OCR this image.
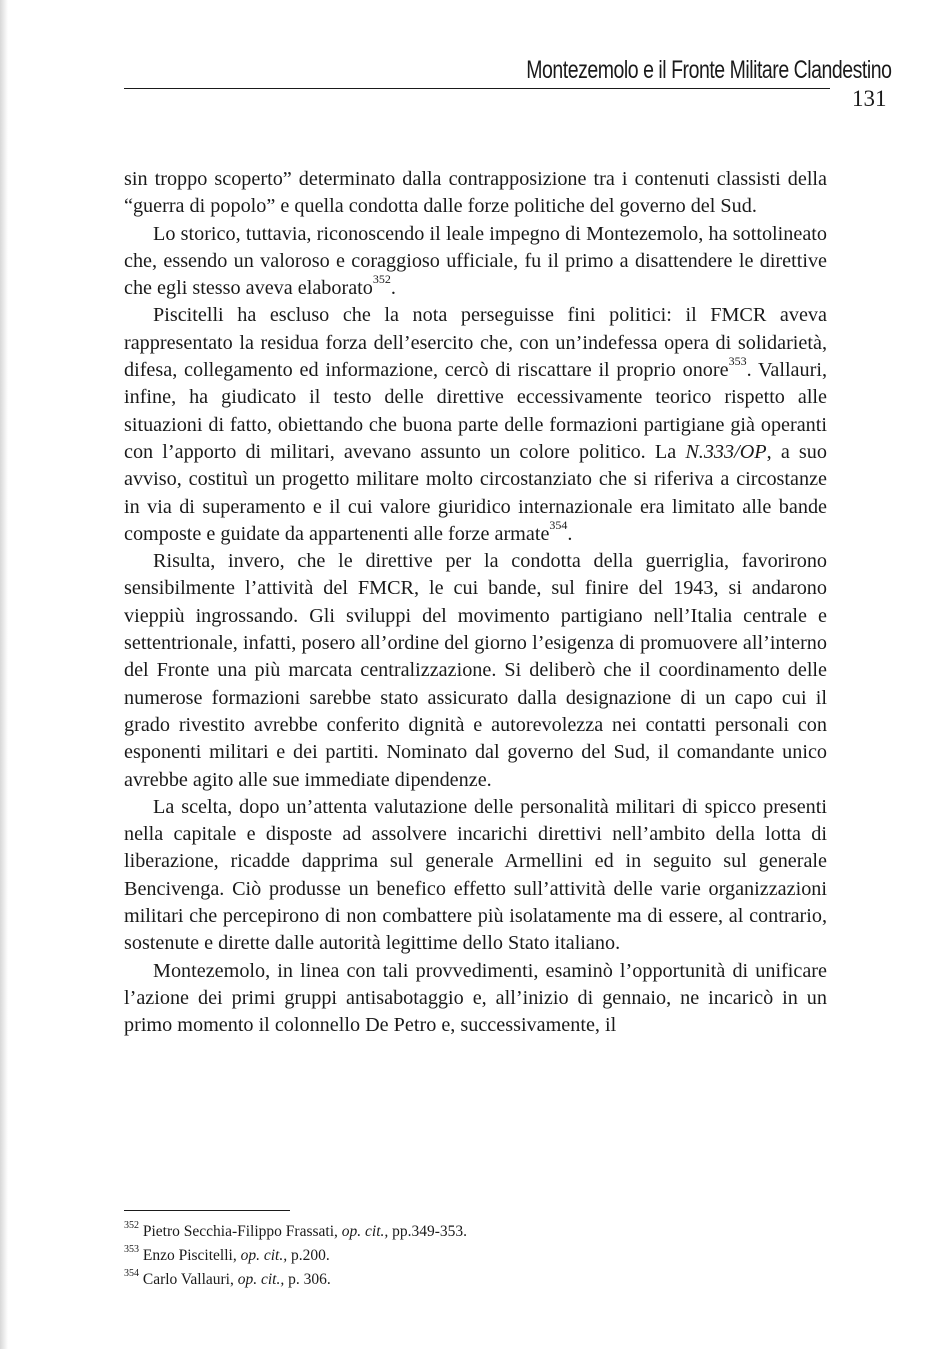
Montezemolo e il Fronte Militare Clandestino
131

sin troppo scoperto” determinato dalla contrapposizione tra i contenuti classisti della “guerra di popolo” e quella condotta dalle forze politiche del governo del Sud.

Lo storico, tuttavia, riconoscendo il leale impegno di Montezemolo, ha sottolineato che, essendo un valoroso e coraggioso ufficiale, fu il primo a disattendere le direttive che egli stesso aveva elaborato$^{352}$.

Piscitelli ha escluso che la nota perseguisse fini politici: il FMCR aveva rappresentato la residua forza dell’esercito che, con un’indefessa opera di solidarietà, difesa, collegamento ed informazione, cercò di riscattare il proprio onore$^{353}$. Vallauri, infine, ha giudicato il testo delle direttive eccessivamente teorico rispetto alle situazioni di fatto, obiettando che buona parte delle formazioni partigiane già operanti con l’apporto di militari, avevano assunto un colore politico. La N.333/OP, a suo avviso, costituì un progetto militare molto circostanziato che si riferiva a circostanze in via di superamento e il cui valore giuridico internazionale era limitato alle bande composte e guidate da appartenenti alle forze armate$^{354}$.

Risulta, invero, che le direttive per la condotta della guerriglia, favorirono sensibilmente l’attività del FMCR, le cui bande, sul finire del 1943, si andarono vieppiù ingrossando. Gli sviluppi del movimento partigiano nell’Italia centrale e settentrionale, infatti, posero all’ordine del giorno l’esigenza di promuovere all’interno del Fronte una più marcata centralizzazione. Si deliberò che il coordinamento delle numerose formazioni sarebbe stato assicurato dalla designazione di un capo cui il grado rivestito avrebbe conferito dignità e autorevolezza nei contatti personali con esponenti militari e dei partiti. Nominato dal governo del Sud, il comandante unico avrebbe agito alle sue immediate dipendenze.

La scelta, dopo un’attenta valutazione delle personalità militari di spicco presenti nella capitale e disposte ad assolvere incarichi direttivi nell’ambito della lotta di liberazione, ricadde dapprima sul generale Armellini ed in seguito sul generale Bencivenga. Ciò produsse un benefico effetto sull’attività delle varie organizzazioni militari che percepirono di non combattere più isolatamente ma di essere, al contrario, sostenute e dirette dalle autorità legittime dello Stato italiano.

Montezemolo, in linea con tali provvedimenti, esaminò l’opportunità di unificare l’azione dei primi gruppi antisabotaggio e, all’inizio di gennaio, ne incaricò in un primo momento il colonnello De Petro e, successivamente, il

$^{352}$ Pietro Secchia-Filippo Frassati, op. cit., pp.349-353.
$^{353}$ Enzo Piscitelli, op. cit., p.200.
$^{354}$ Carlo Vallauri, op. cit., p. 306.
